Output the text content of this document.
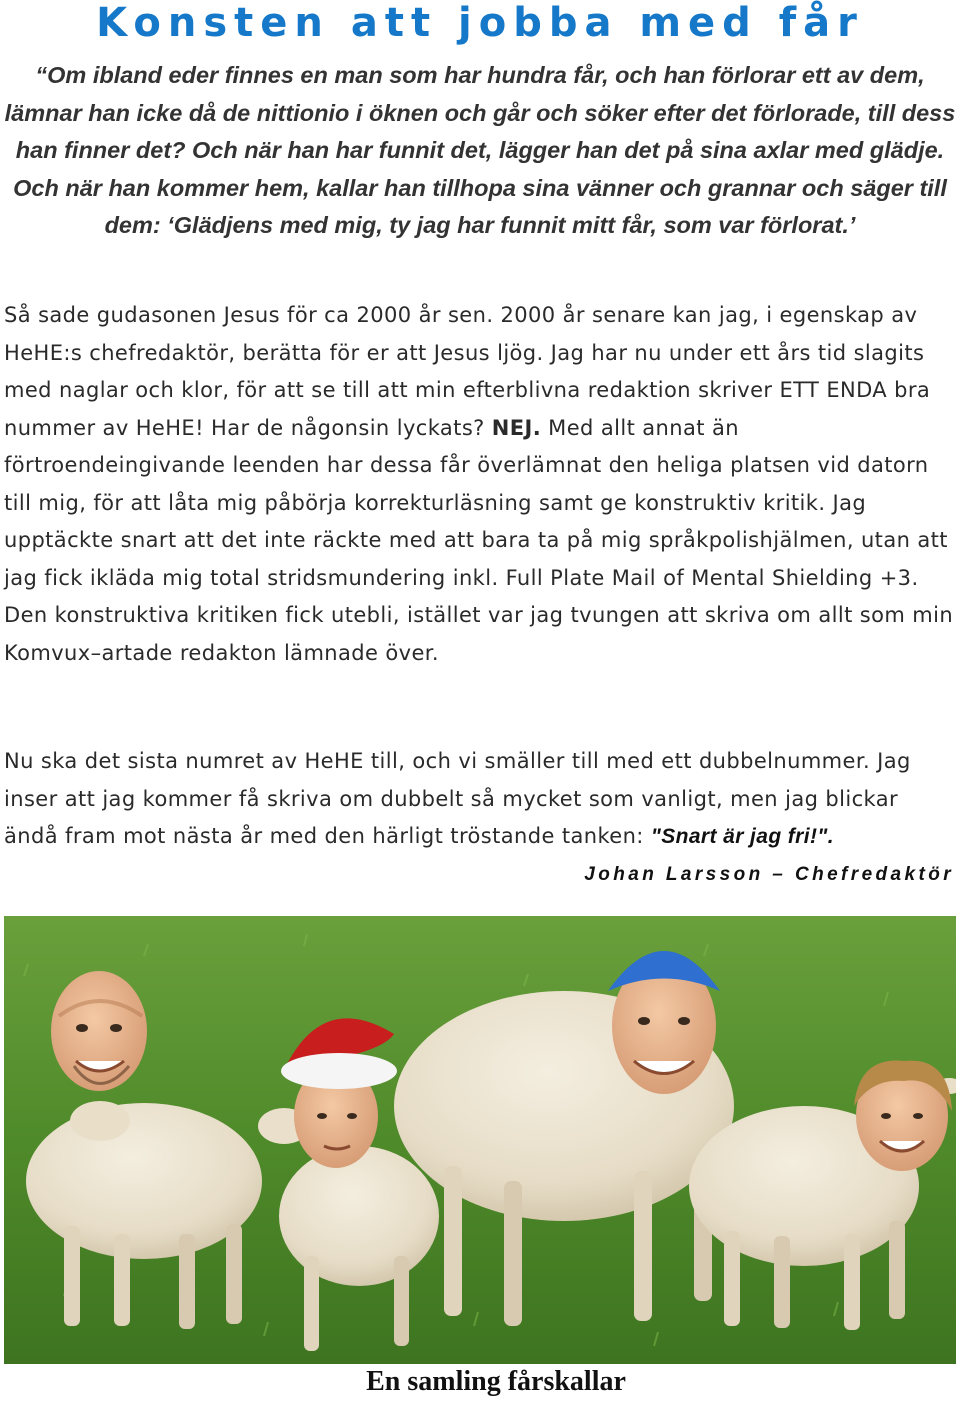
Konsten att jobba med får

“Om ibland eder finnes en man som har hundra får, och han förlorar ett av dem, lämnar han icke då de nittionio i öknen och går och söker efter det förlorade, till dess han finner det? Och när han har funnit det, lägger han det på sina axlar med glädje. Och när han kommer hem, kallar han tillhopa sina vänner och grannar och säger till dem: ‘Glädjens med mig, ty jag har funnit mitt får, som var förlorat.’

Så sade gudasonen Jesus för ca 2000 år sen. 2000 år senare kan jag, i egenskap av HeHE:s chefredaktör, berätta för er att Jesus ljög. Jag har nu under ett års tid slagits med naglar och klor, för att se till att min efterblivna redaktion skriver ETT ENDA bra nummer av HeHE! Har de någonsin lyckats? NEJ. Med allt annat än förtroendeingivande leenden har dessa får överlämnat den heliga platsen vid datorn till mig, för att låta mig påbörja korrekturläsning samt ge konstruktiv kritik. Jag upptäckte snart att det inte räckte med att bara ta på mig språkpolishjälmen, utan att jag fick ikläda mig total stridsmundering inkl. Full Plate Mail of Mental Shielding +3. Den konstruktiva kritiken fick utebli, istället var jag tvungen att skriva om allt som min Komvux–artade redakton lämnade över.

Nu ska det sista numret av HeHE till, och vi smäller till med ett dubbelnummer. Jag inser att jag kommer få skriva om dubbelt så mycket som vanligt, men jag blickar ändå fram mot nästa år med den härligt tröstande tanken: "Snart är jag fri!".

Johan Larsson – Chefredaktör
En samling fårskallar
